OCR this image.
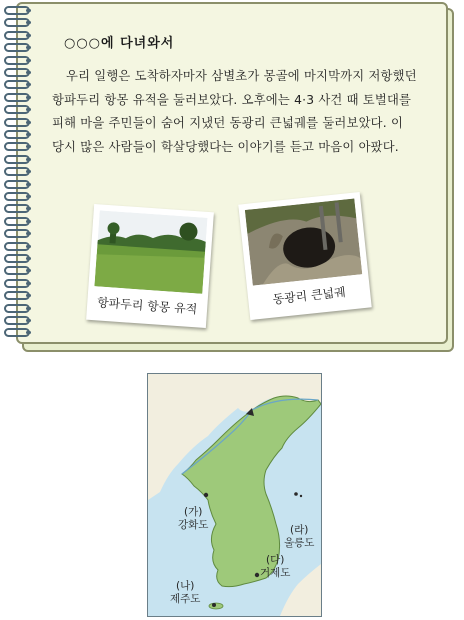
○○○에 다녀와서
우리 일행은 도착하자마자 삼별초가 몽골에 마지막까지 저항했던 항파두리 항몽 유적을 둘러보았다. 오후에는 4·3 사건 때 토벌대를 피해 마을 주민들이 숨어 지냈던 동광리 큰넓궤를 둘러보았다. 이 당시 많은 사람들이 학살당했다는 이야기를 듣고 마음이 아팠다.
항파두리 항몽 유적	동광리 큰넓궤
(가)
강화도
(나)
제주도
(다)
거제도
(라)
울릉도
